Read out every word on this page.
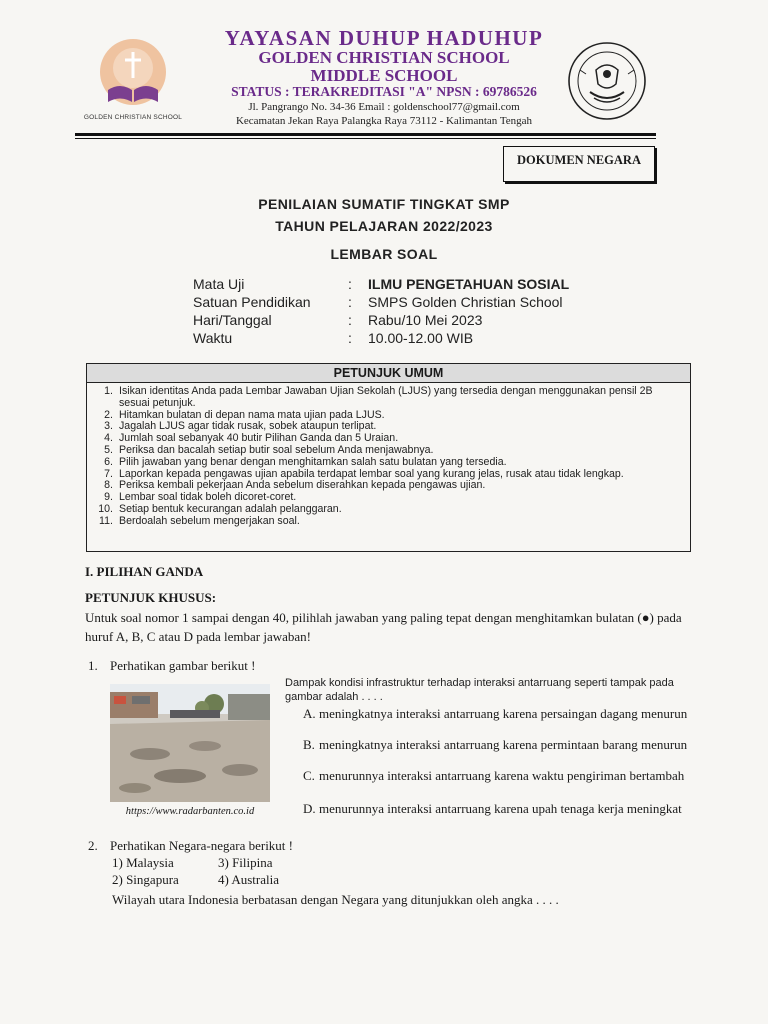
GOLDEN CHRISTIAN SCHOOL
YAYASAN DUHUP HADUHUP
GOLDEN CHRISTIAN SCHOOL
MIDDLE SCHOOL
STATUS : TERAKREDITASI "A" NPSN : 69786526
Jl. Pangrango No. 34-36 Email : goldenschool77@gmail.com
Kecamatan Jekan Raya Palangka Raya 73112 - Kalimantan Tengah
DOKUMEN NEGARA
PENILAIAN SUMATIF TINGKAT SMP
TAHUN PELAJARAN 2022/2023
LEMBAR SOAL
Mata Uji	: ILMU PENGETAHUAN SOSIAL
Satuan Pendidikan	: SMPS Golden Christian School
Hari/Tanggal	: Rabu/10 Mei 2023
Waktu	: 10.00-12.00 WIB
PETUNJUK UMUM
1. Isikan identitas Anda pada Lembar Jawaban Ujian Sekolah (LJUS) yang tersedia dengan menggunakan pensil 2B sesuai petunjuk.
2. Hitamkan bulatan di depan nama mata ujian pada LJUS.
3. Jagalah LJUS agar tidak rusak, sobek ataupun terlipat.
4. Jumlah soal sebanyak 40 butir Pilihan Ganda dan 5 Uraian.
5. Periksa dan bacalah setiap butir soal sebelum Anda menjawabnya.
6. Pilih jawaban yang benar dengan menghitamkan salah satu bulatan yang tersedia.
7. Laporkan kepada pengawas ujian apabila terdapat lembar soal yang kurang jelas, rusak atau tidak lengkap.
8. Periksa kembali pekerjaan Anda sebelum diserahkan kepada pengawas ujian.
9. Lembar soal tidak boleh dicoret-coret.
10. Setiap bentuk kecurangan adalah pelanggaran.
11. Berdoalah sebelum mengerjakan soal.
I. PILIHAN GANDA
PETUNJUK KHUSUS:
Untuk soal nomor 1 sampai dengan 40, pilihlah jawaban yang paling tepat dengan menghitamkan bulatan (●) pada huruf A, B, C atau D pada lembar jawaban!
1. Perhatikan gambar berikut !
https://www.radarbanten.co.id
Dampak kondisi infrastruktur terhadap interaksi antarruang seperti tampak pada gambar adalah . . . .
A. meningkatnya interaksi antarruang karena persaingan dagang menurun
B. meningkatnya interaksi antarruang karena permintaan barang menurun
C. menurunnya interaksi antarruang karena waktu pengiriman bertambah
D. menurunnya interaksi antarruang karena upah tenaga kerja meningkat
2. Perhatikan Negara-negara berikut !
1) Malaysia	3) Filipina
2) Singapura	4) Australia
Wilayah utara Indonesia berbatasan dengan Negara yang ditunjukkan oleh angka . . . .
